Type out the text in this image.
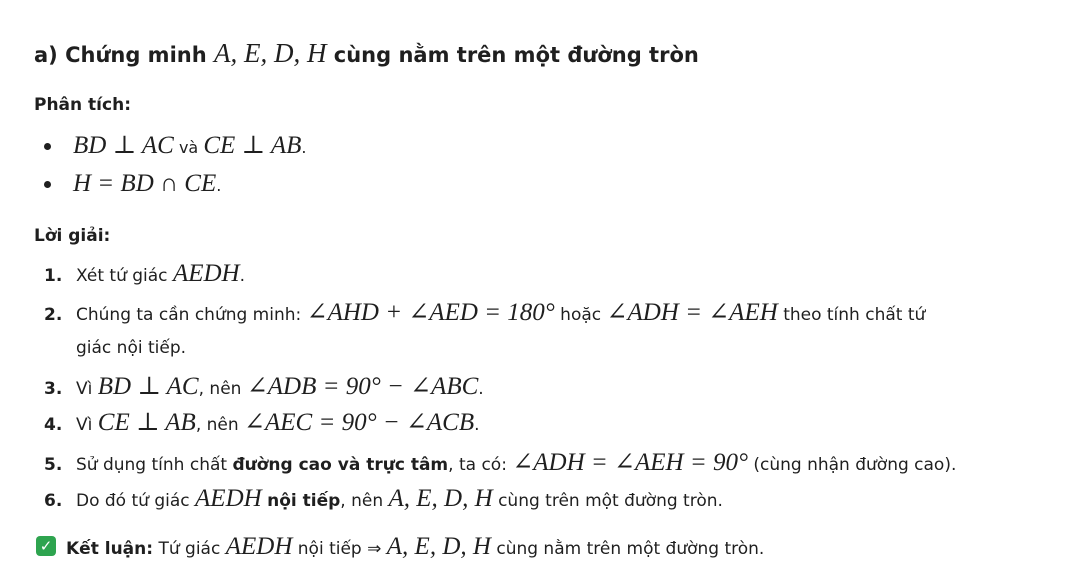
a) Chứng minh A, E, D, H cùng nằm trên một đường tròn
Phân tích:
BD ⊥ AC và CE ⊥ AB.
H = BD ∩ CE.
Lời giải:
1. Xét tứ giác AEDH.
2. Chúng ta cần chứng minh: ∠AHD + ∠AED = 180° hoặc ∠ADH = ∠AEH theo tính chất tứ
giác nội tiếp.
3. Vì BD ⊥ AC, nên ∠ADB = 90° − ∠ABC.
4. Vì CE ⊥ AB, nên ∠AEC = 90° − ∠ACB.
5. Sử dụng tính chất đường cao và trực tâm, ta có: ∠ADH = ∠AEH = 90° (cùng nhận đường cao).
6. Do đó tứ giác AEDH nội tiếp, nên A, E, D, H cùng trên một đường tròn.
✓ Kết luận: Tứ giác AEDH nội tiếp ⇒ A, E, D, H cùng nằm trên một đường tròn.
